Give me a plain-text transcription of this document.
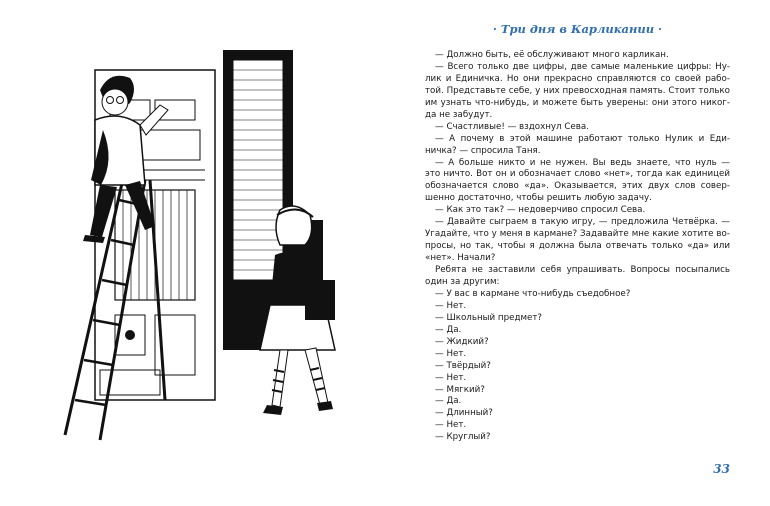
· Три дня в Карликании ·
— Должно быть, её обслуживают много карликан.
— Всего только две цифры, две самые маленькие цифры: Ну-
лик и Единичка. Но они прекрасно справляются со своей рабо-
той. Представьте себе, у них превосходная память. Стоит только
им узнать что-нибудь, и можете быть уверены: они этого никог-
да не забудут.
— Счастливые! — вздохнул Сева.
— А почему в этой машине работают только Нулик и Еди-
ничка? — спросила Таня.
— А больше никто и не нужен. Вы ведь знаете, что нуль —
это ничто. Вот он и обозначает слово «нет», тогда как единицей
обозначается слово «да». Оказывается, этих двух слов совер-
шенно достаточно, чтобы решить любую задачу.
— Как это так? — недоверчиво спросил Сева.
— Давайте сыграем в такую игру, — предложила Четвёрка. —
Угадайте, что у меня в кармане? Задавайте мне какие хотите во-
просы, но так, чтобы я должна была отвечать только «да» или
«нет». Начали?
Ребята не заставили себя упрашивать. Вопросы посыпались
один за другим:
— У вас в кармане что-нибудь съедобное?
— Нет.
— Школьный предмет?
— Да.
— Жидкий?
— Нет.
— Твёрдый?
— Нет.
— Мягкий?
— Да.
— Длинный?
— Нет.
— Круглый?
33
